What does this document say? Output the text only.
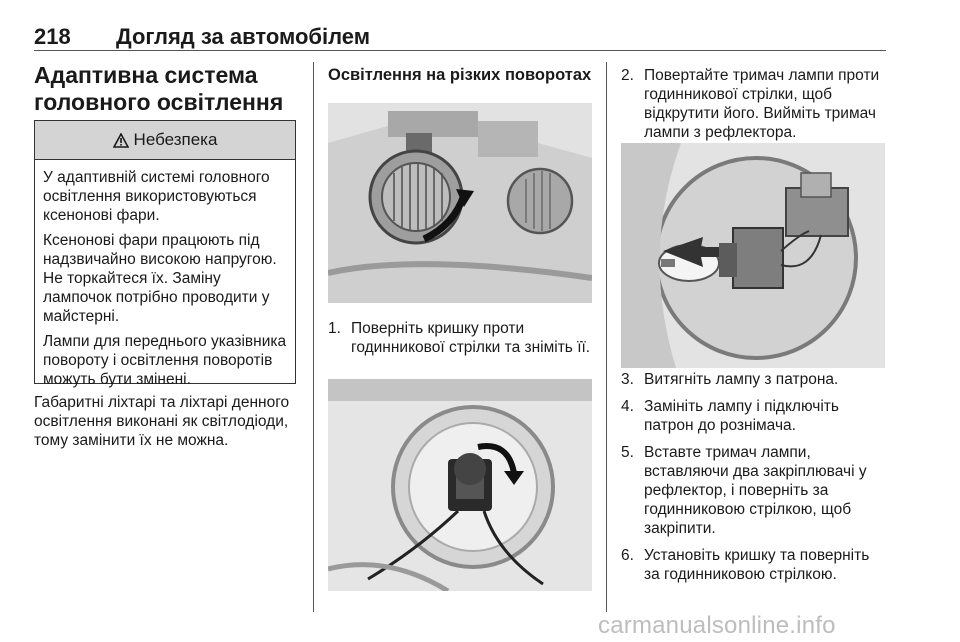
218 Догляд за автомобілем
Адаптивна система
головного освітлення
Небезпека

У адаптивній системі головного освітлення використовуються ксенонові фари.

Ксенонові фари працюють під надзвичайно високою напругою. Не торкайтеся їх. Заміну лампочок потрібно проводити у майстерні.

Лампи для переднього указівника повороту і освітлення поворотів можуть бути змінені.

Габаритні ліхтарі та ліхтарі денного освітлення виконані як світлодіоди, тому замінити їх не можна.
Освітлення на різких поворотах
1. Поверніть кришку проти годинникової стрілки та зніміть її.
2. Повертайте тримач лампи проти годинникової стрілки, щоб відкрутити його. Вийміть тримач лампи з рефлектора.
3. Витягніть лампу з патрона.
4. Замініть лампу і підключіть патрон до рознімача.
5. Вставте тримач лампи, вставляючи два закріплювачі у рефлектор, і поверніть за годинниковою стрілкою, щоб закріпити.
6. Установіть кришку та поверніть за годинниковою стрілкою.
carmanualsonline.info
